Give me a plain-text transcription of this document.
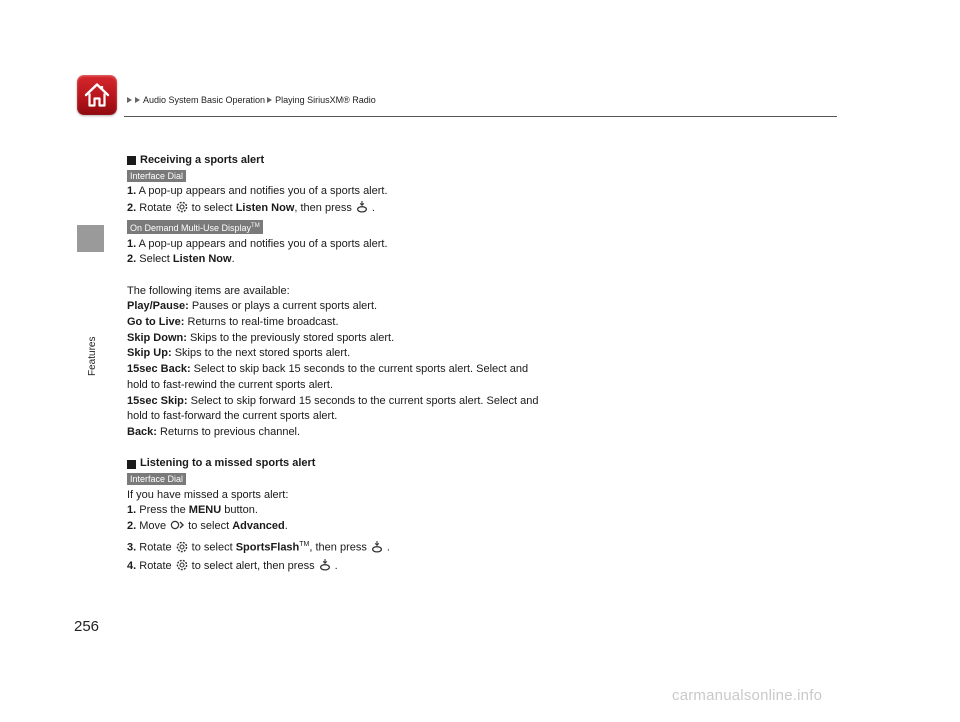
Features
Audio System Basic Operation Playing SiriusXM® Radio

Receiving a sports alert

Interface Dial

1. A pop-up appears and notifies you of a sports alert.

2. Rotate to select Listen Now, then press .

On Demand Multi-Use Display™

1. A pop-up appears and notifies you of a sports alert.

2. Select Listen Now.

The following items are available:

Play/Pause: Pauses or plays a current sports alert.

Go to Live: Returns to real-time broadcast.

Skip Down: Skips to the previously stored sports alert.

Skip Up: Skips to the next stored sports alert.

15sec Back: Select to skip back 15 seconds to the current sports alert. Select and

hold to fast-rewind the current sports alert.

15sec Skip: Select to skip forward 15 seconds to the current sports alert. Select and

hold to fast-forward the current sports alert.

Back: Returns to previous channel.

Listening to a missed sports alert

Interface Dial

If you have missed a sports alert:

1. Press the MENU button.

2. Move to select Advanced.

3. Rotate to select SportsFlash™, then press .

4. Rotate to select alert, then press .

256
carmanualsonline.info
